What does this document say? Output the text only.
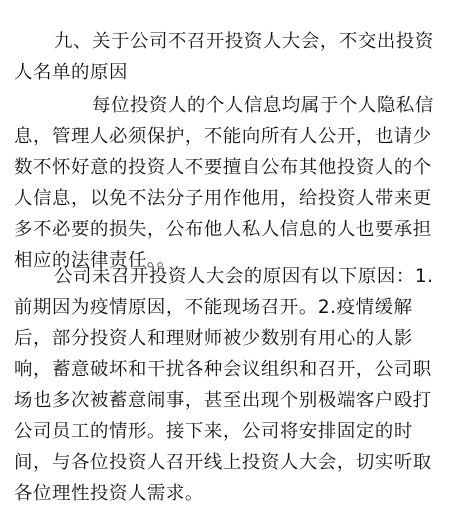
九、关于公司不召开投资人大会，不交出投资
人名单的原因
每位投资人的个人信息均属于个人隐私信
息，管理人必须保护，不能向所有人公开，也请少
数不怀好意的投资人不要擅自公布其他投资人的个
人信息，以免不法分子用作他用，给投资人带来更
多不必要的损失，公布他人私人信息的人也要承担
相应的法律责任。。
公司未召开投资人大会的原因有以下原因：1.
前期因为疫情原因，不能现场召开。2.疫情缓解
后，部分投资人和理财师被少数别有用心的人影
响，蓄意破坏和干扰各种会议组织和召开，公司职
场也多次被蓄意闹事，甚至出现个别极端客户殴打
公司员工的情形。接下来，公司将安排固定的时
间，与各位投资人召开线上投资人大会，切实听取
各位理性投资人需求。
